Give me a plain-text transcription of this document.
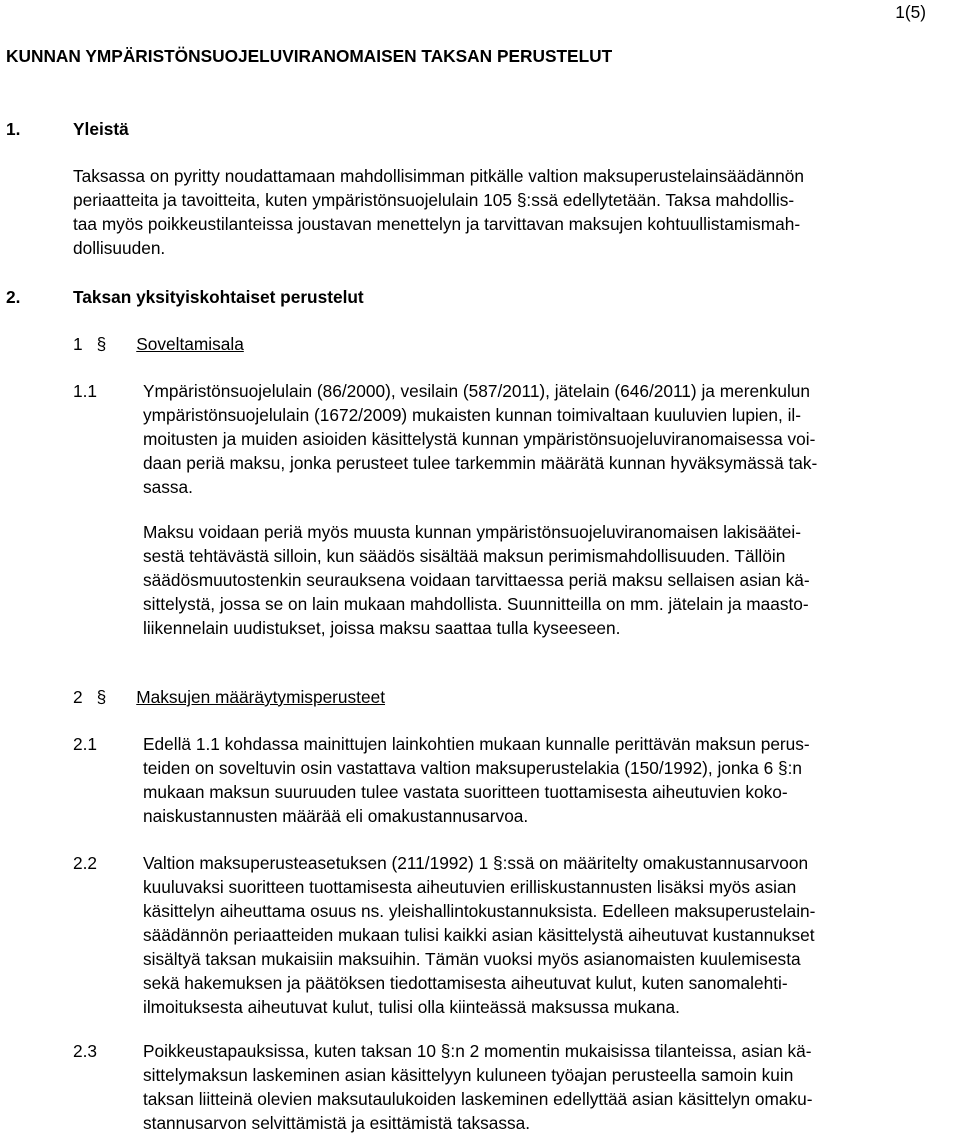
1(5)
KUNNAN YMPÄRISTÖNSUOJELUVIRANOMAISEN TAKSAN PERUSTELUT
1.	Yleistä

Taksassa on pyritty noudattamaan mahdollisimman pitkälle valtion maksuperustelainsäädännön
periaatteita ja tavoitteita, kuten ympäristönsuojelulain 105 §:ssä edellytetään. Taksa mahdollis-
taa myös poikkeustilanteissa joustavan menettelyn ja tarvittavan maksujen kohtuullistamismah-
dollisuuden.

2.	Taksan yksityiskohtaiset perustelut
1 § Soveltamisala
1.1	Ympäristönsuojelulain (86/2000), vesilain (587/2011), jätelain (646/2011) ja merenkulun
ympäristönsuojelulain (1672/2009) mukaisten kunnan toimivaltaan kuuluvien lupien, il-
moitusten ja muiden asioiden käsittelystä kunnan ympäristönsuojeluviranomaisessa voi-
daan periä maksu, jonka perusteet tulee tarkemmin määrätä kunnan hyväksymässä tak-
sassa.

Maksu voidaan periä myös muusta kunnan ympäristönsuojeluviranomaisen lakisäätei-
sestä tehtävästä silloin, kun säädös sisältää maksun perimismahdollisuuden. Tällöin
säädösmuutostenkin seurauksena voidaan tarvittaessa periä maksu sellaisen asian kä-
sittelystä, jossa se on lain mukaan mahdollista. Suunnitteilla on mm. jätelain ja maasto-
liikennelain uudistukset, joissa maksu saattaa tulla kyseeseen.

2 § Maksujen määräytymisperusteet
2.1	Edellä 1.1 kohdassa mainittujen lainkohtien mukaan kunnalle perittävän maksun perus-
teiden on soveltuvin osin vastattava valtion maksuperustelakia (150/1992), jonka 6 §:n
mukaan maksun suuruuden tulee vastata suoritteen tuottamisesta aiheutuvien koko-
naiskustannusten määrää eli omakustannusarvoa.

2.2	Valtion maksuperusteasetuksen (211/1992) 1 §:ssä on määritelty omakustannusarvoon
kuuluvaksi suoritteen tuottamisesta aiheutuvien erilliskustannusten lisäksi myös asian
käsittelyn aiheuttama osuus ns. yleishallintokustannuksista. Edelleen maksuperustelain-
säädännön periaatteiden mukaan tulisi kaikki asian käsittelystä aiheutuvat kustannukset
sisältyä taksan mukaisiin maksuihin. Tämän vuoksi myös asianomaisten kuulemisesta
sekä hakemuksen ja päätöksen tiedottamisesta aiheutuvat kulut, kuten sanomalehti-
ilmoituksesta aiheutuvat kulut, tulisi olla kiinteässä maksussa mukana.

2.3	Poikkeustapauksissa, kuten taksan 10 §:n 2 momentin mukaisissa tilanteissa, asian kä-
sittelymaksun laskeminen asian käsittelyyn kuluneen työajan perusteella samoin kuin
taksan liitteinä olevien maksutaulukoiden laskeminen edellyttää asian käsittelyn omaku-
stannusarvon selvittämistä ja esittämistä taksassa.
